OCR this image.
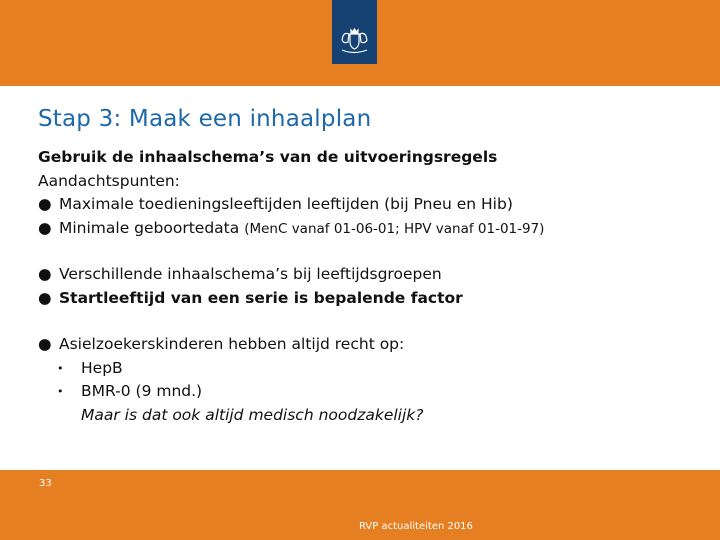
Stap 3: Maak een inhaalplan
Gebruik de inhaalschema’s van de uitvoeringsregels
Aandachtspunten:
● Maximale toedieningsleeftijden leeftijden (bij Pneu en Hib)
● Minimale geboortedata (MenC vanaf 01-06-01; HPV vanaf 01-01-97)
● Verschillende inhaalschema’s bij leeftijdsgroepen
● Startleeftijd van een serie is bepalende factor
● Asielzoekerskinderen hebben altijd recht op:
• HepB
• BMR-0 (9 mnd.)
Maar is dat ook altijd medisch noodzakelijk?
33
RVP actualiteiten 2016
